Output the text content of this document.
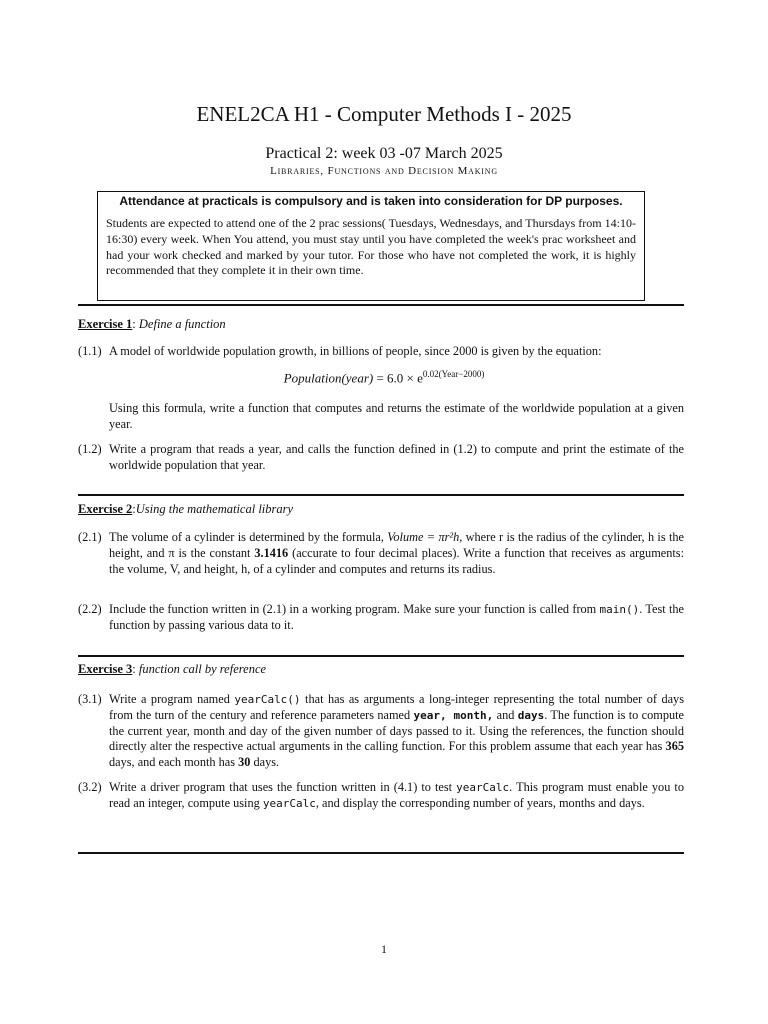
ENEL2CA H1 - Computer Methods I - 2025
Practical 2: week 03 -07 March 2025
Libraries, Functions and Decision Making
Attendance at practicals is compulsory and is taken into consideration for DP purposes.
Students are expected to attend one of the 2 prac sessions( Tuesdays, Wednesdays, and Thursdays from 14:10-16:30) every week. When You attend, you must stay until you have completed the week's prac worksheet and had your work checked and marked by your tutor. For those who have not completed the work, it is highly recommended that they complete it in their own time.
Exercise 1: Define a function
(1.1) A model of worldwide population growth, in billions of people, since 2000 is given by the equation:
Population(year) = $6.0 \times e^{0.02(Year-2000)}$
Using this formula, write a function that computes and returns the estimate of the worldwide population at a given year.
(1.2) Write a program that reads a year, and calls the function defined in (1.2) to compute and print the estimate of the worldwide population that year.
Exercise 2:Using the mathematical library
(2.1) The volume of a cylinder is determined by the formula, Volume = πr²h, where r is the radius of the cylinder, h is the height, and π is the constant 3.1416 (accurate to four decimal places). Write a function that receives as arguments: the volume, V, and height, h, of a cylinder and computes and returns its radius.
(2.2) Include the function written in (2.1) in a working program. Make sure your function is called from main(). Test the function by passing various data to it.
Exercise 3: function call by reference
(3.1) Write a program named yearCalc() that has as arguments a long-integer representing the total number of days from the turn of the century and reference parameters named year, month, and days. The function is to compute the current year, month and day of the given number of days passed to it. Using the references, the function should directly alter the respective actual arguments in the calling function. For this problem assume that each year has 365 days, and each month has 30 days.
(3.2) Write a driver program that uses the function written in (4.1) to test yearCalc. This program must enable you to read an integer, compute using yearCalc, and display the corresponding number of years, months and days.
1
